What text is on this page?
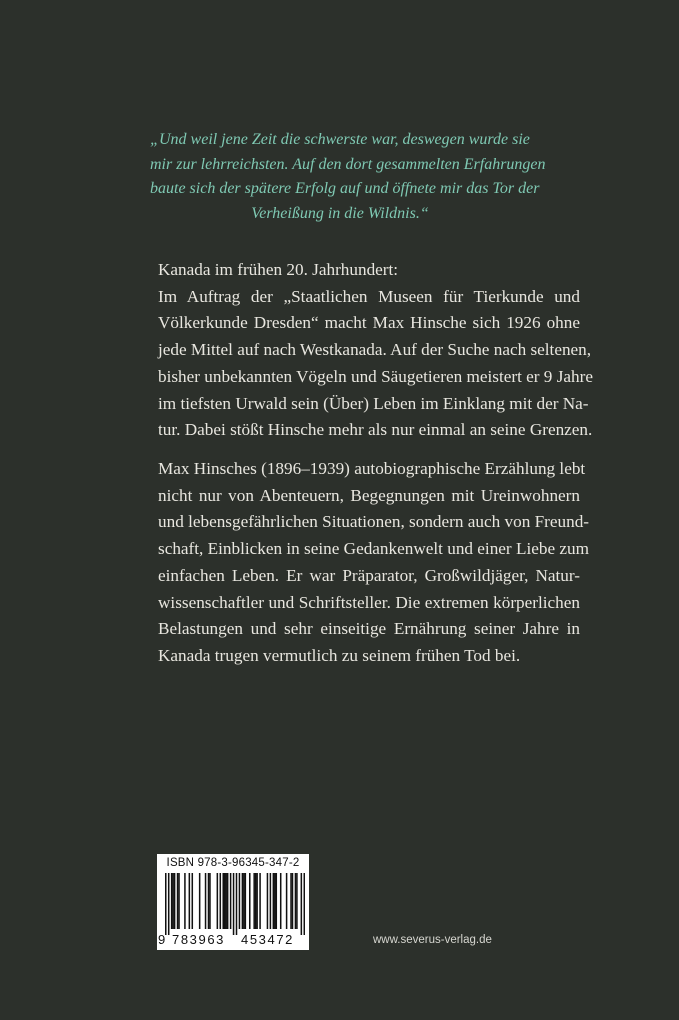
„Und weil jene Zeit die schwerste war, deswegen wurde sie
mir zur lehrreichsten. Auf den dort gesammelten Erfahrungen
baute sich der spätere Erfolg auf und öffnete mir das Tor der
Verheißung in die Wildnis.“
Kanada im frühen 20. Jahrhundert:
Im Auftrag der „Staatlichen Museen für Tierkunde und
Völkerkunde Dresden“ macht Max Hinsche sich 1926 ohne
jede Mittel auf nach Westkanada. Auf der Suche nach seltenen,
bisher unbekannten Vögeln und Säugetieren meistert er 9 Jahre
im tiefsten Urwald sein (Über) Leben im Einklang mit der Na-
tur. Dabei stößt Hinsche mehr als nur einmal an seine Grenzen.
Max Hinsches (1896–1939) autobiographische Erzählung lebt
nicht nur von Abenteuern, Begegnungen mit Ureinwohnern
und lebensgefährlichen Situationen, sondern auch von Freund-
schaft, Einblicken in seine Gedankenwelt und einer Liebe zum
einfachen Leben. Er war Präparator, Großwildjäger, Natur-
wissenschaftler und Schriftsteller. Die extremen körperlichen
Belastungen und sehr einseitige Ernährung seiner Jahre in
Kanada trugen vermutlich zu seinem frühen Tod bei.
ISBN 978-3-96345-347-2
9 783963 453472	www.severus-verlag.de
